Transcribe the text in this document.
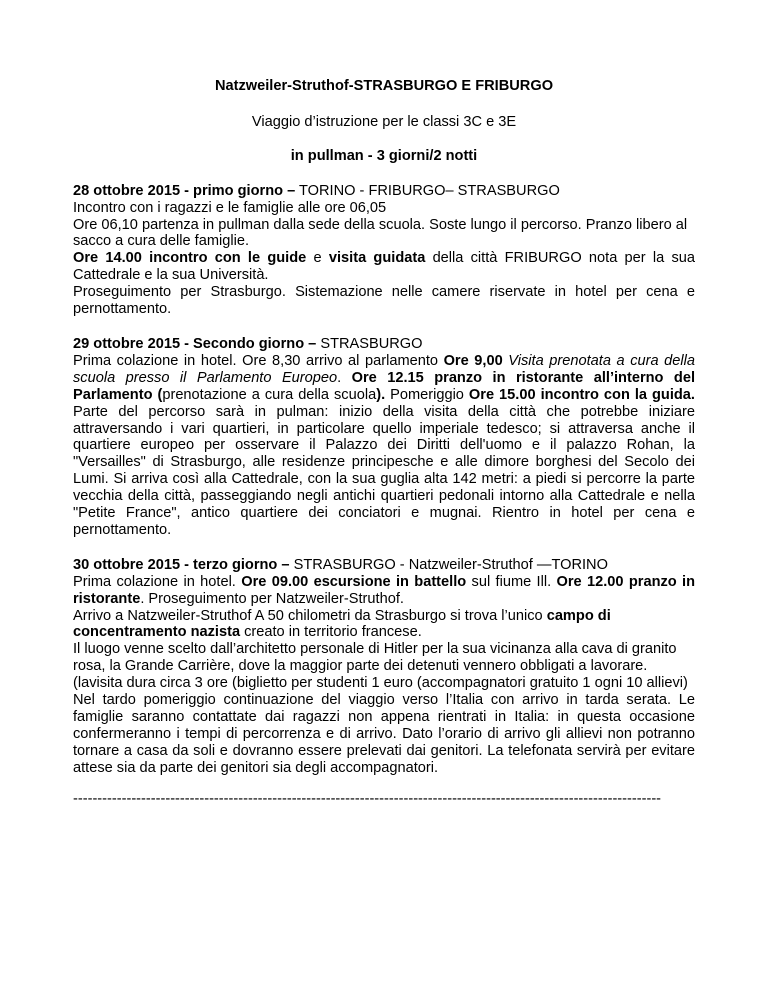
Natzweiler-Struthof-STRASBURGO E FRIBURGO

Viaggio d’istruzione per le classi 3C e 3E

in pullman - 3 giorni/2 notti

28 ottobre 2015 - primo giorno – TORINO - FRIBURGO– STRASBURGO

Incontro con i ragazzi e le famiglie alle ore 06,05

Ore 06,10 partenza in pullman dalla sede della scuola. Soste lungo il percorso. Pranzo libero al sacco a cura delle famiglie.

Ore 14.00 incontro con le guide e visita guidata della città FRIBURGO nota per la sua Cattedrale e la sua Università.

Proseguimento per Strasburgo. Sistemazione nelle camere riservate in hotel per cena e pernottamento.

29 ottobre 2015 - Secondo giorno – STRASBURGO

Prima colazione in hotel. Ore 8,30 arrivo al parlamento Ore 9,00 Visita prenotata a cura della scuola presso il Parlamento Europeo. Ore 12.15 pranzo in ristorante all’interno del Parlamento (prenotazione a cura della scuola). Pomeriggio Ore 15.00 incontro con la guida. Parte del percorso sarà in pulman: inizio della visita della città che potrebbe iniziare attraversando i vari quartieri, in particolare quello imperiale tedesco; si attraversa anche il quartiere europeo per osservare il Palazzo dei Diritti dell'uomo e il palazzo Rohan, la "Versailles" di Strasburgo, alle residenze principesche e alle dimore borghesi del Secolo dei Lumi. Si arriva così alla Cattedrale, con la sua guglia alta 142 metri: a piedi si percorre la parte vecchia della città, passeggiando negli antichi quartieri pedonali intorno alla Cattedrale e nella "Petite France", antico quartiere dei conciatori e mugnai. Rientro in hotel per cena e pernottamento.

30 ottobre 2015 - terzo giorno – STRASBURGO - Natzweiler-Struthof —TORINO

Prima colazione in hotel. Ore 09.00 escursione in battello sul fiume Ill. Ore 12.00 pranzo in ristorante. Proseguimento per Natzweiler-Struthof.

Arrivo a Natzweiler-Struthof A 50 chilometri da Strasburgo si trova l’unico campo di concentramento nazista creato in territorio francese.

Il luogo venne scelto dall’architetto personale di Hitler per la sua vicinanza alla cava di granito rosa, la Grande Carrière, dove la maggior parte dei detenuti vennero obbligati a lavorare. (lavisita dura circa 3 ore (biglietto per studenti 1 euro (accompagnatori gratuito 1 ogni 10 allievi)

Nel tardo pomeriggio continuazione del viaggio verso l’Italia con arrivo in tarda serata. Le famiglie saranno contattate dai ragazzi non appena rientrati in Italia: in questa occasione confermeranno i tempi di percorrenza e di arrivo. Dato l’orario di arrivo gli allievi non potranno tornare a casa da soli e dovranno essere prelevati dai genitori. La telefonata servirà per evitare attese sia da parte dei genitori sia degli accompagnatori.

-------------------------------------------------------------------------------------------------------------------------
